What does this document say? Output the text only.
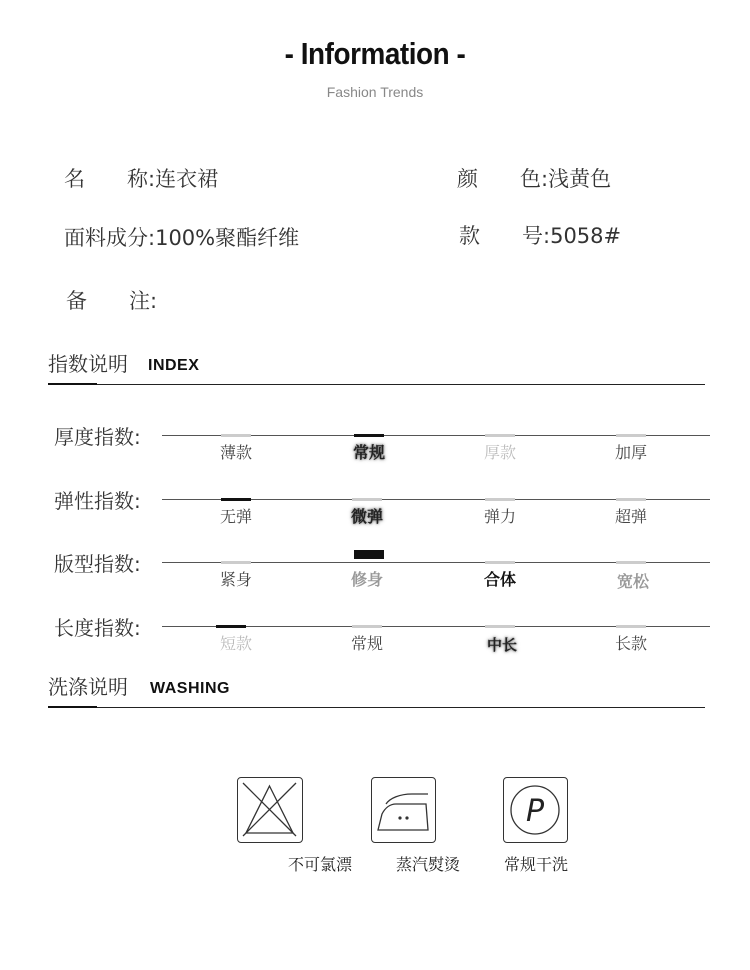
- Information -
Fashion Trends
名　　称:连衣裙	颜　　色:浅黄色
面料成分:100%聚酯纤维	款　　号:5058#
备　　注:
指数说明 INDEX
厚度指数:
薄款	常规	厚款	加厚
弹性指数:
无弹	微弹	弹力	超弹
版型指数:
紧身	修身	合体	宽松
长度指数:
短款	常规	中长	长款
洗涤说明 WASHING
P
不可氯漂	蒸汽熨烫	常规干洗
